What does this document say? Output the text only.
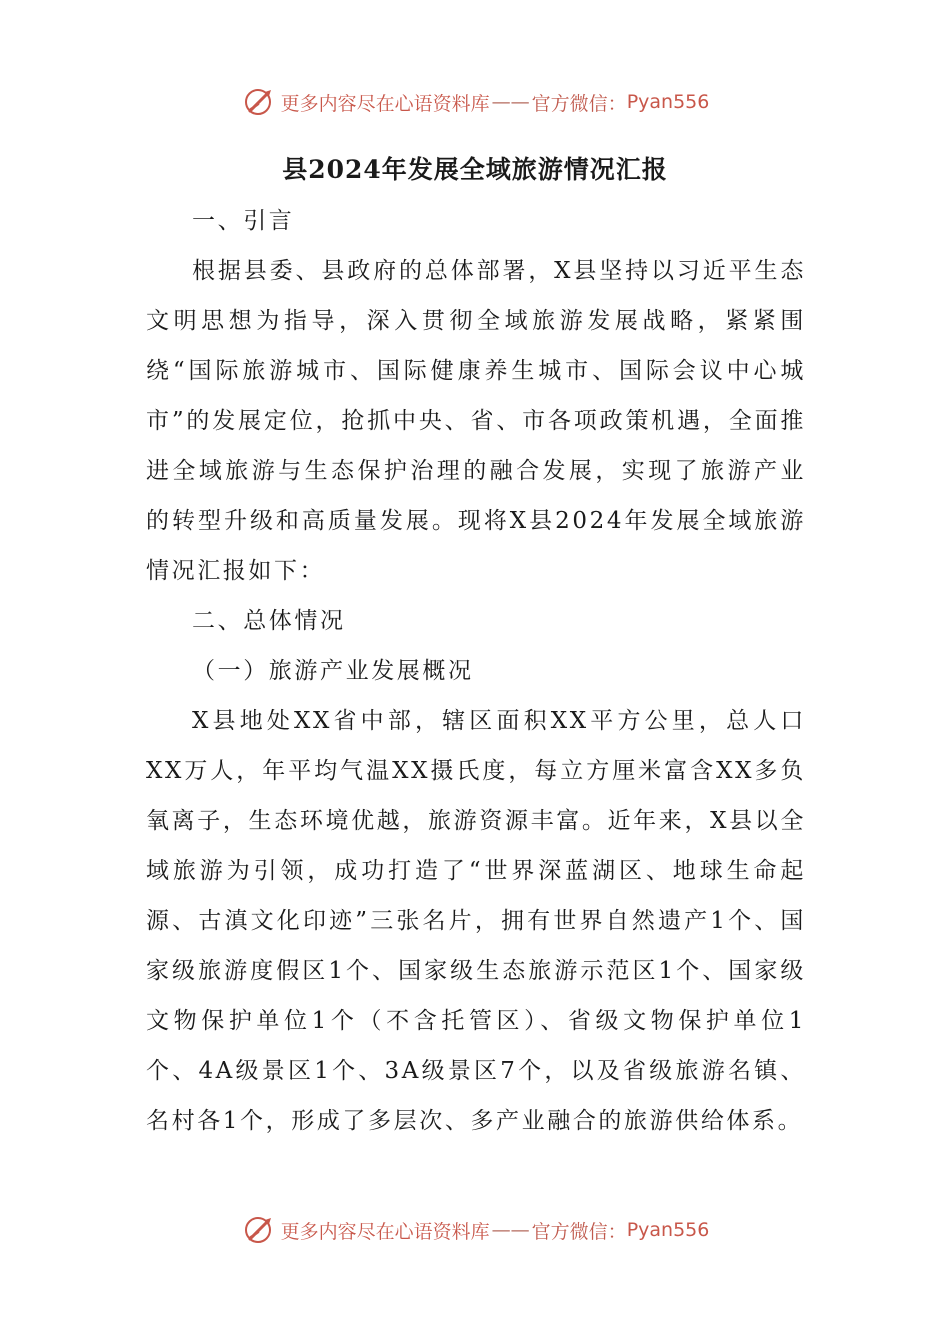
更多内容尽在心语资料库 —— 官方微信： Pyan556
县2024年发展全域旅游情况汇报

一、引言

根据县委、县政府的总体部署，X县坚持以习近平生态文明思想为指导，深入贯彻全域旅游发展战略，紧紧围绕“国际旅游城市、国际健康养生城市、国际会议中心城市”的发展定位，抢抓中央、省、市各项政策机遇，全面推进全域旅游与生态保护治理的融合发展，实现了旅游产业的转型升级和高质量发展。现将X县2024年发展全域旅游情况汇报如下：

二、总体情况

（一）旅游产业发展概况

X县地处XX省中部，辖区面积XX平方公里，总人口XX万人，年平均气温XX摄氏度，每立方厘米富含XX多负氧离子，生态环境优越，旅游资源丰富。近年来，X县以全域旅游为引领，成功打造了“世界深蓝湖区、地球生命起源、古滇文化印迹”三张名片，拥有世界自然遗产1个、国家级旅游度假区1个、国家级生态旅游示范区1个、国家级文物保护单位1个（不含托管区）、省级文物保护单位1个、4A级景区1个、3A级景区7个，以及省级旅游名镇、名村各1个，形成了多层次、多产业融合的旅游供给体系。

更多内容尽在心语资料库 —— 官方微信： Pyan556
